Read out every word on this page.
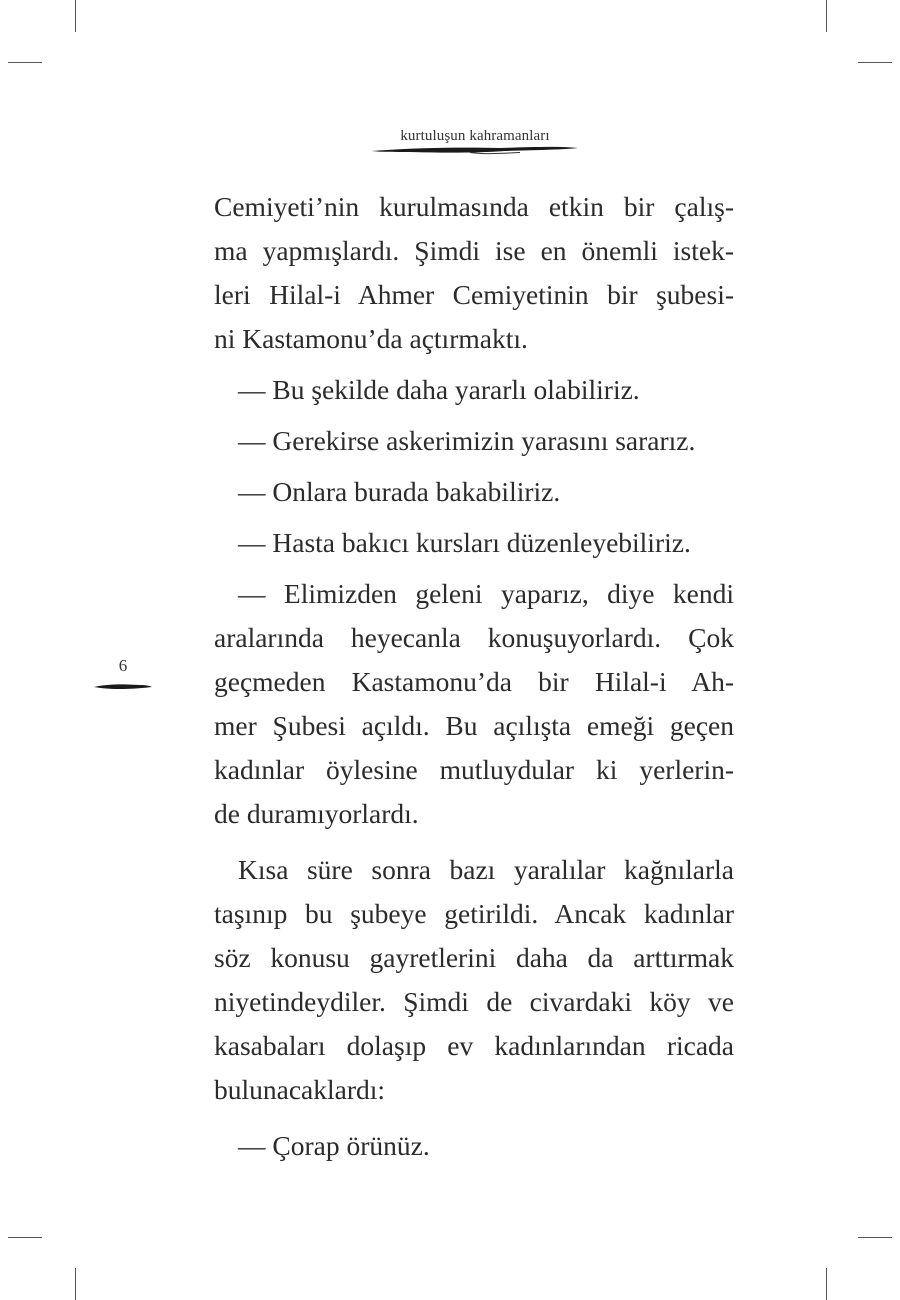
kurtuluşun kahramanları
6
Cemiyeti’nin kurulmasında etkin bir çalış-
ma yapmışlardı. Şimdi ise en önemli istek-
leri Hilal-i Ahmer Cemiyetinin bir şubesi-
ni Kastamonu’da açtırmaktı.
— Bu şekilde daha yararlı olabiliriz.
— Gerekirse askerimizin yarasını sararız.
— Onlara burada bakabiliriz.
— Hasta bakıcı kursları düzenleyebiliriz.
— Elimizden geleni yaparız, diye kendi
aralarında heyecanla konuşuyorlardı. Çok
geçmeden Kastamonu’da bir Hilal-i Ah-
mer Şubesi açıldı. Bu açılışta emeği geçen
kadınlar öylesine mutluydular ki yerlerin-
de duramıyorlardı.
Kısa süre sonra bazı yaralılar kağnılarla
taşınıp bu şubeye getirildi. Ancak kadınlar
söz konusu gayretlerini daha da arttırmak
niyetindeydiler. Şimdi de civardaki köy ve
kasabaları dolaşıp ev kadınlarından ricada
bulunacaklardı:
— Çorap örünüz.
